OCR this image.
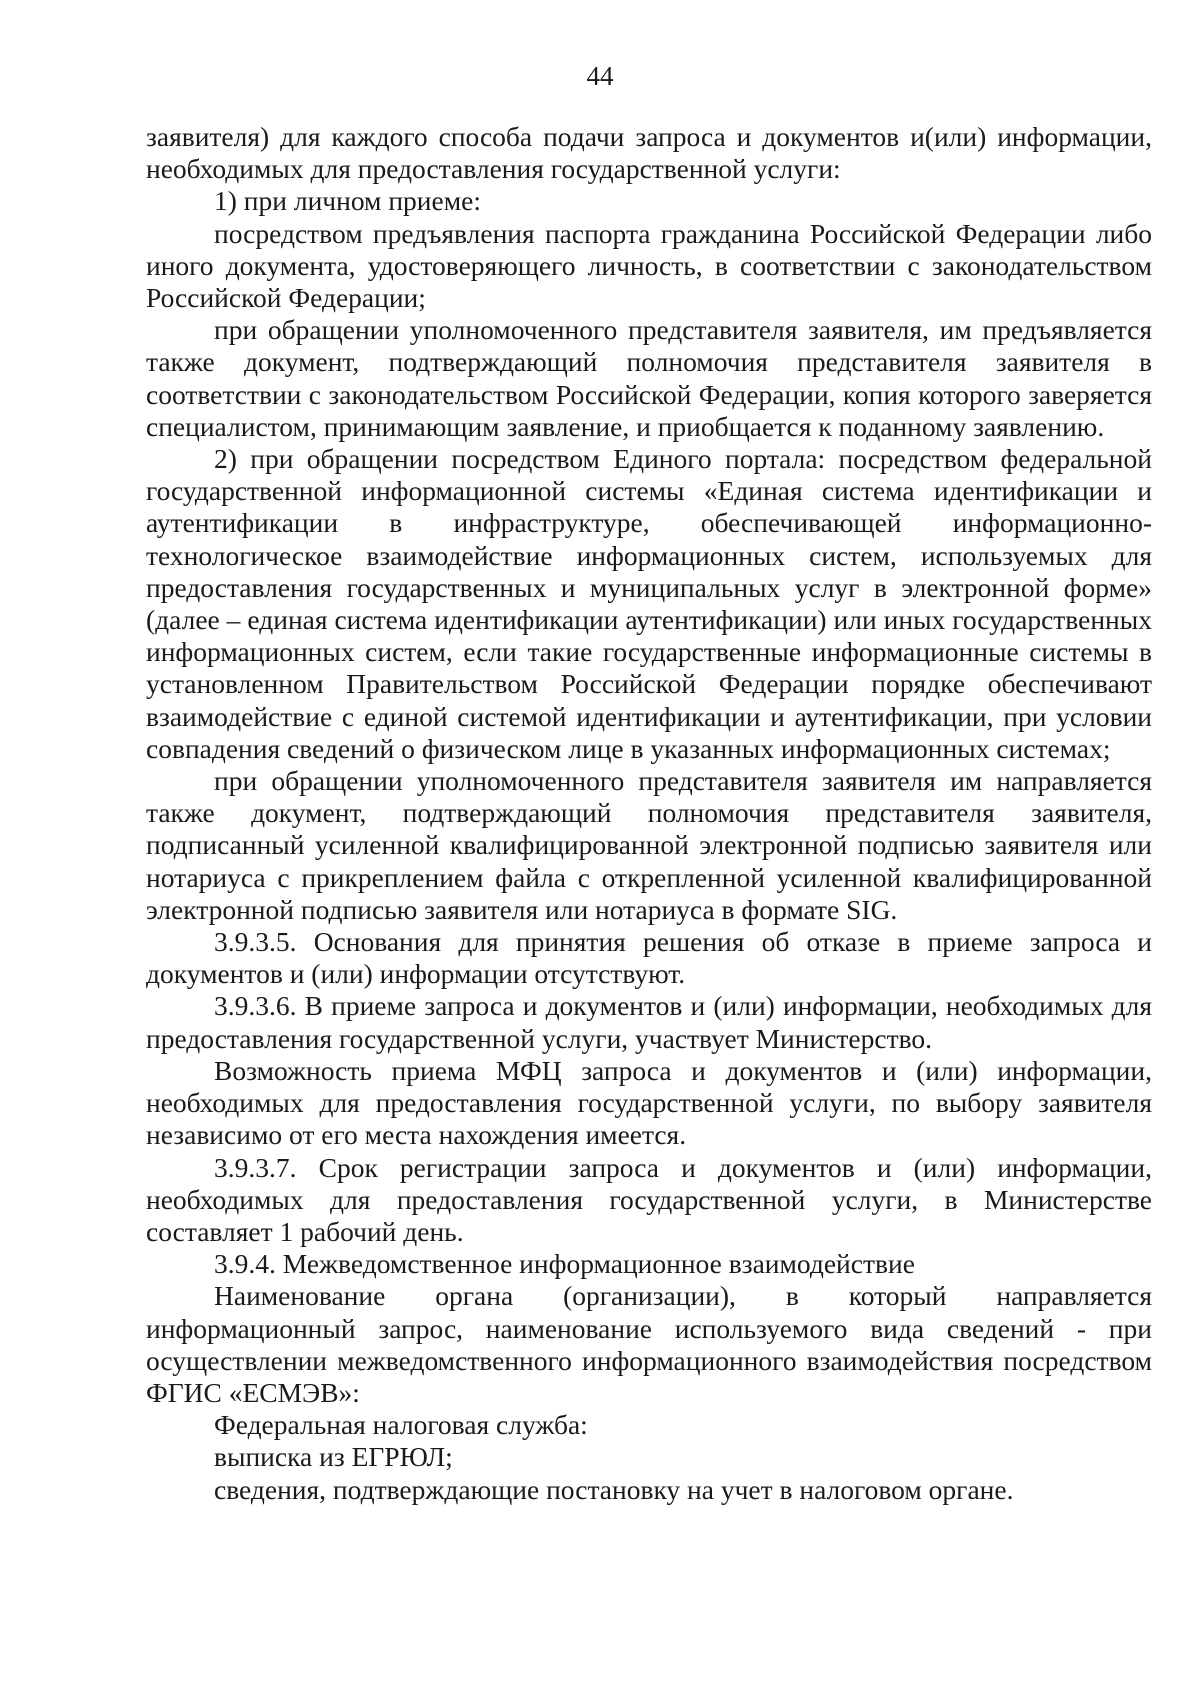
44

заявителя) для каждого способа подачи запроса и документов и(или) информации, необходимых для предоставления государственной услуги:

1) при личном приеме:

посредством предъявления паспорта гражданина Российской Федерации либо иного документа, удостоверяющего личность, в соответствии с законодательством Российской Федерации;

при обращении уполномоченного представителя заявителя, им предъявляется также документ, подтверждающий полномочия представителя заявителя в соответствии с законодательством Российской Федерации, копия которого заверяется специалистом, принимающим заявление, и приобщается к поданному заявлению.

2) при обращении посредством Единого портала: посредством федеральной государственной информационной системы «Единая система идентификации и аутентификации в инфраструктуре, обеспечивающей информационно-технологическое взаимодействие информационных систем, используемых для предоставления государственных и муниципальных услуг в электронной форме» (далее – единая система идентификации аутентификации) или иных государственных информационных систем, если такие государственные информационные системы в установленном Правительством Российской Федерации порядке обеспечивают взаимодействие с единой системой идентификации и аутентификации, при условии совпадения сведений о физическом лице в указанных информационных системах;

при обращении уполномоченного представителя заявителя им направляется также документ, подтверждающий полномочия представителя заявителя, подписанный усиленной квалифицированной электронной подписью заявителя или нотариуса с прикреплением файла с открепленной усиленной квалифицированной электронной подписью заявителя или нотариуса в формате SIG.

3.9.3.5. Основания для принятия решения об отказе в приеме запроса и документов и (или) информации отсутствуют.

3.9.3.6. В приеме запроса и документов и (или) информации, необходимых для предоставления государственной услуги, участвует Министерство.

Возможность приема МФЦ запроса и документов и (или) информации, необходимых для предоставления государственной услуги, по выбору заявителя независимо от его места нахождения имеется.

3.9.3.7. Срок регистрации запроса и документов и (или) информации, необходимых для предоставления государственной услуги, в Министерстве составляет 1 рабочий день.

3.9.4. Межведомственное информационное взаимодействие

Наименование органа (организации), в который направляется информационный запрос, наименование используемого вида сведений - при осуществлении межведомственного информационного взаимодействия посредством ФГИС «ЕСМЭВ»:

Федеральная налоговая служба:

выписка из ЕГРЮЛ;

сведения, подтверждающие постановку на учет в налоговом органе.
